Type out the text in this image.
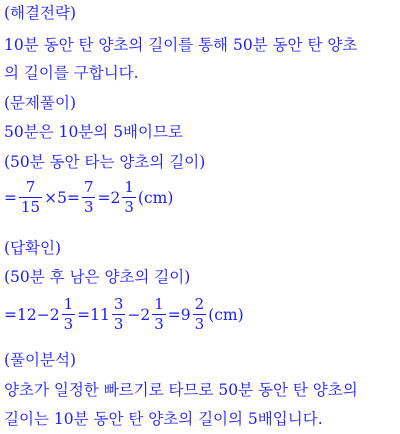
(해결전략)
10분 동안 탄 양초의 길이를 통해 50분 동안 탄 양초
의 길이를 구합니다.
(문제풀이)
50분은 10분의 5배이므로
(50분 동안 타는 양초의 길이)
= $\frac{7}{15} \times 5= \frac{7}{3} =2 \frac{1}{3} (cm)$
(답확인)
(50분 후 남은 양초의 길이)
$=12-2 \frac{1}{3} =11 \frac{3}{3} -2 \frac{1}{3} =9 \frac{2}{3} (cm)$
(풀이분석)
양초가 일정한 빠르기로 타므로 50분 동안 탄 양초의
길이는 10분 동안 탄 양초의 길이의 5배입니다.
